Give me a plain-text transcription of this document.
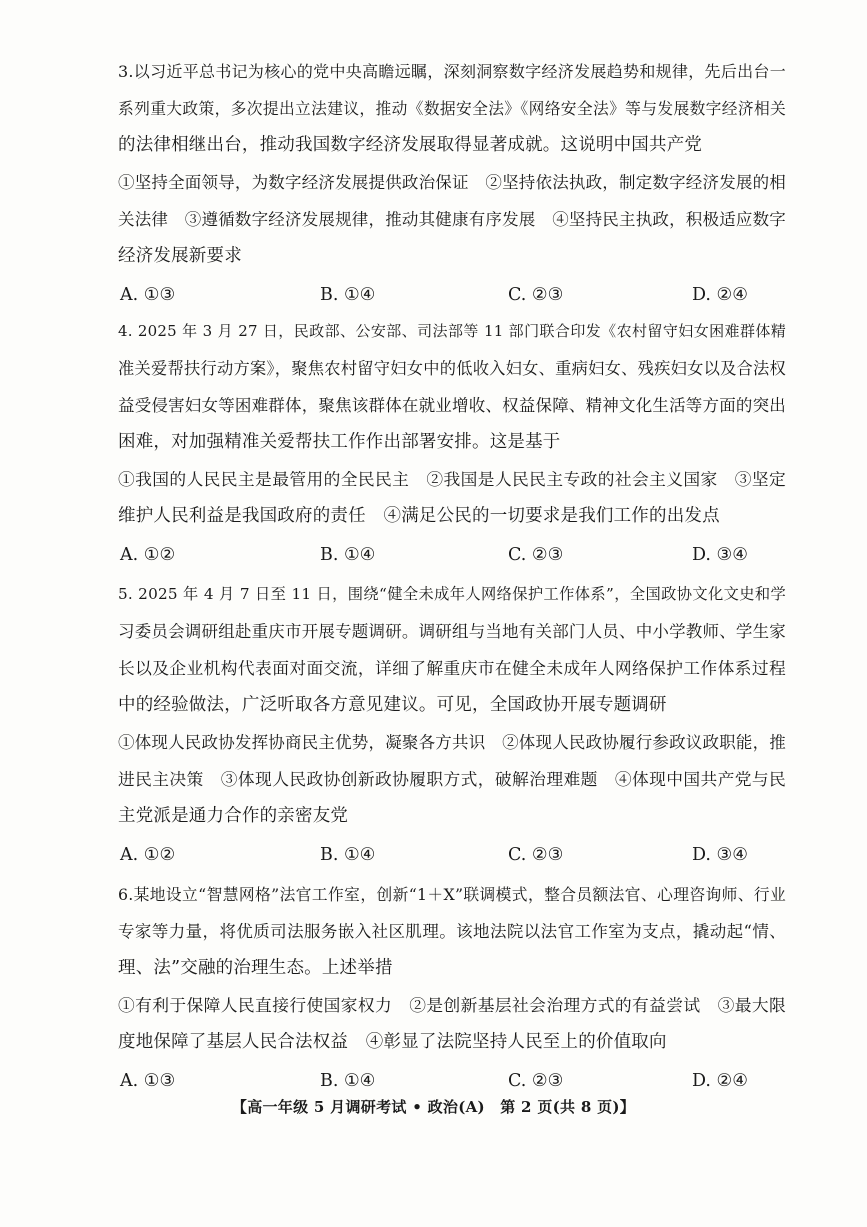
3.以习近平总书记为核心的党中央高瞻远瞩，深刻洞察数字经济发展趋势和规律，先后出台一
系列重大政策，多次提出立法建议，推动《数据安全法》《网络安全法》等与发展数字经济相关
的法律相继出台，推动我国数字经济发展取得显著成就。这说明中国共产党
①坚持全面领导，为数字经济发展提供政治保证　②坚持依法执政，制定数字经济发展的相
关法律　③遵循数字经济发展规律，推动其健康有序发展　④坚持民主执政，积极适应数字
经济发展新要求
A. ①③	B. ①④	C. ②③	D. ②④
4. 2025 年 3 月 27 日，民政部、公安部、司法部等 11 部门联合印发《农村留守妇女困难群体精
准关爱帮扶行动方案》，聚焦农村留守妇女中的低收入妇女、重病妇女、残疾妇女以及合法权
益受侵害妇女等困难群体，聚焦该群体在就业增收、权益保障、精神文化生活等方面的突出
困难，对加强精准关爱帮扶工作作出部署安排。这是基于
①我国的人民民主是最管用的全民民主　②我国是人民民主专政的社会主义国家　③坚定
维护人民利益是我国政府的责任　④满足公民的一切要求是我们工作的出发点
A. ①②	B. ①④	C. ②③	D. ③④
5. 2025 年 4 月 7 日至 11 日，围绕“健全未成年人网络保护工作体系”，全国政协文化文史和学
习委员会调研组赴重庆市开展专题调研。调研组与当地有关部门人员、中小学教师、学生家
长以及企业机构代表面对面交流，详细了解重庆市在健全未成年人网络保护工作体系过程
中的经验做法，广泛听取各方意见建议。可见，全国政协开展专题调研
①体现人民政协发挥协商民主优势，凝聚各方共识　②体现人民政协履行参政议政职能，推
进民主决策　③体现人民政协创新政协履职方式，破解治理难题　④体现中国共产党与民
主党派是通力合作的亲密友党
A. ①②	B. ①④	C. ②③	D. ③④
6.某地设立“智慧网格”法官工作室，创新“1＋X”联调模式，整合员额法官、心理咨询师、行业
专家等力量，将优质司法服务嵌入社区肌理。该地法院以法官工作室为支点，撬动起“情、
理、法”交融的治理生态。上述举措
①有利于保障人民直接行使国家权力　②是创新基层社会治理方式的有益尝试　③最大限
度地保障了基层人民合法权益　④彰显了法院坚持人民至上的价值取向
A. ①③	B. ①④	C. ②③	D. ②④
【高一年级 5 月调研考试 • 政治(A)　第 2 页(共 8 页)】
